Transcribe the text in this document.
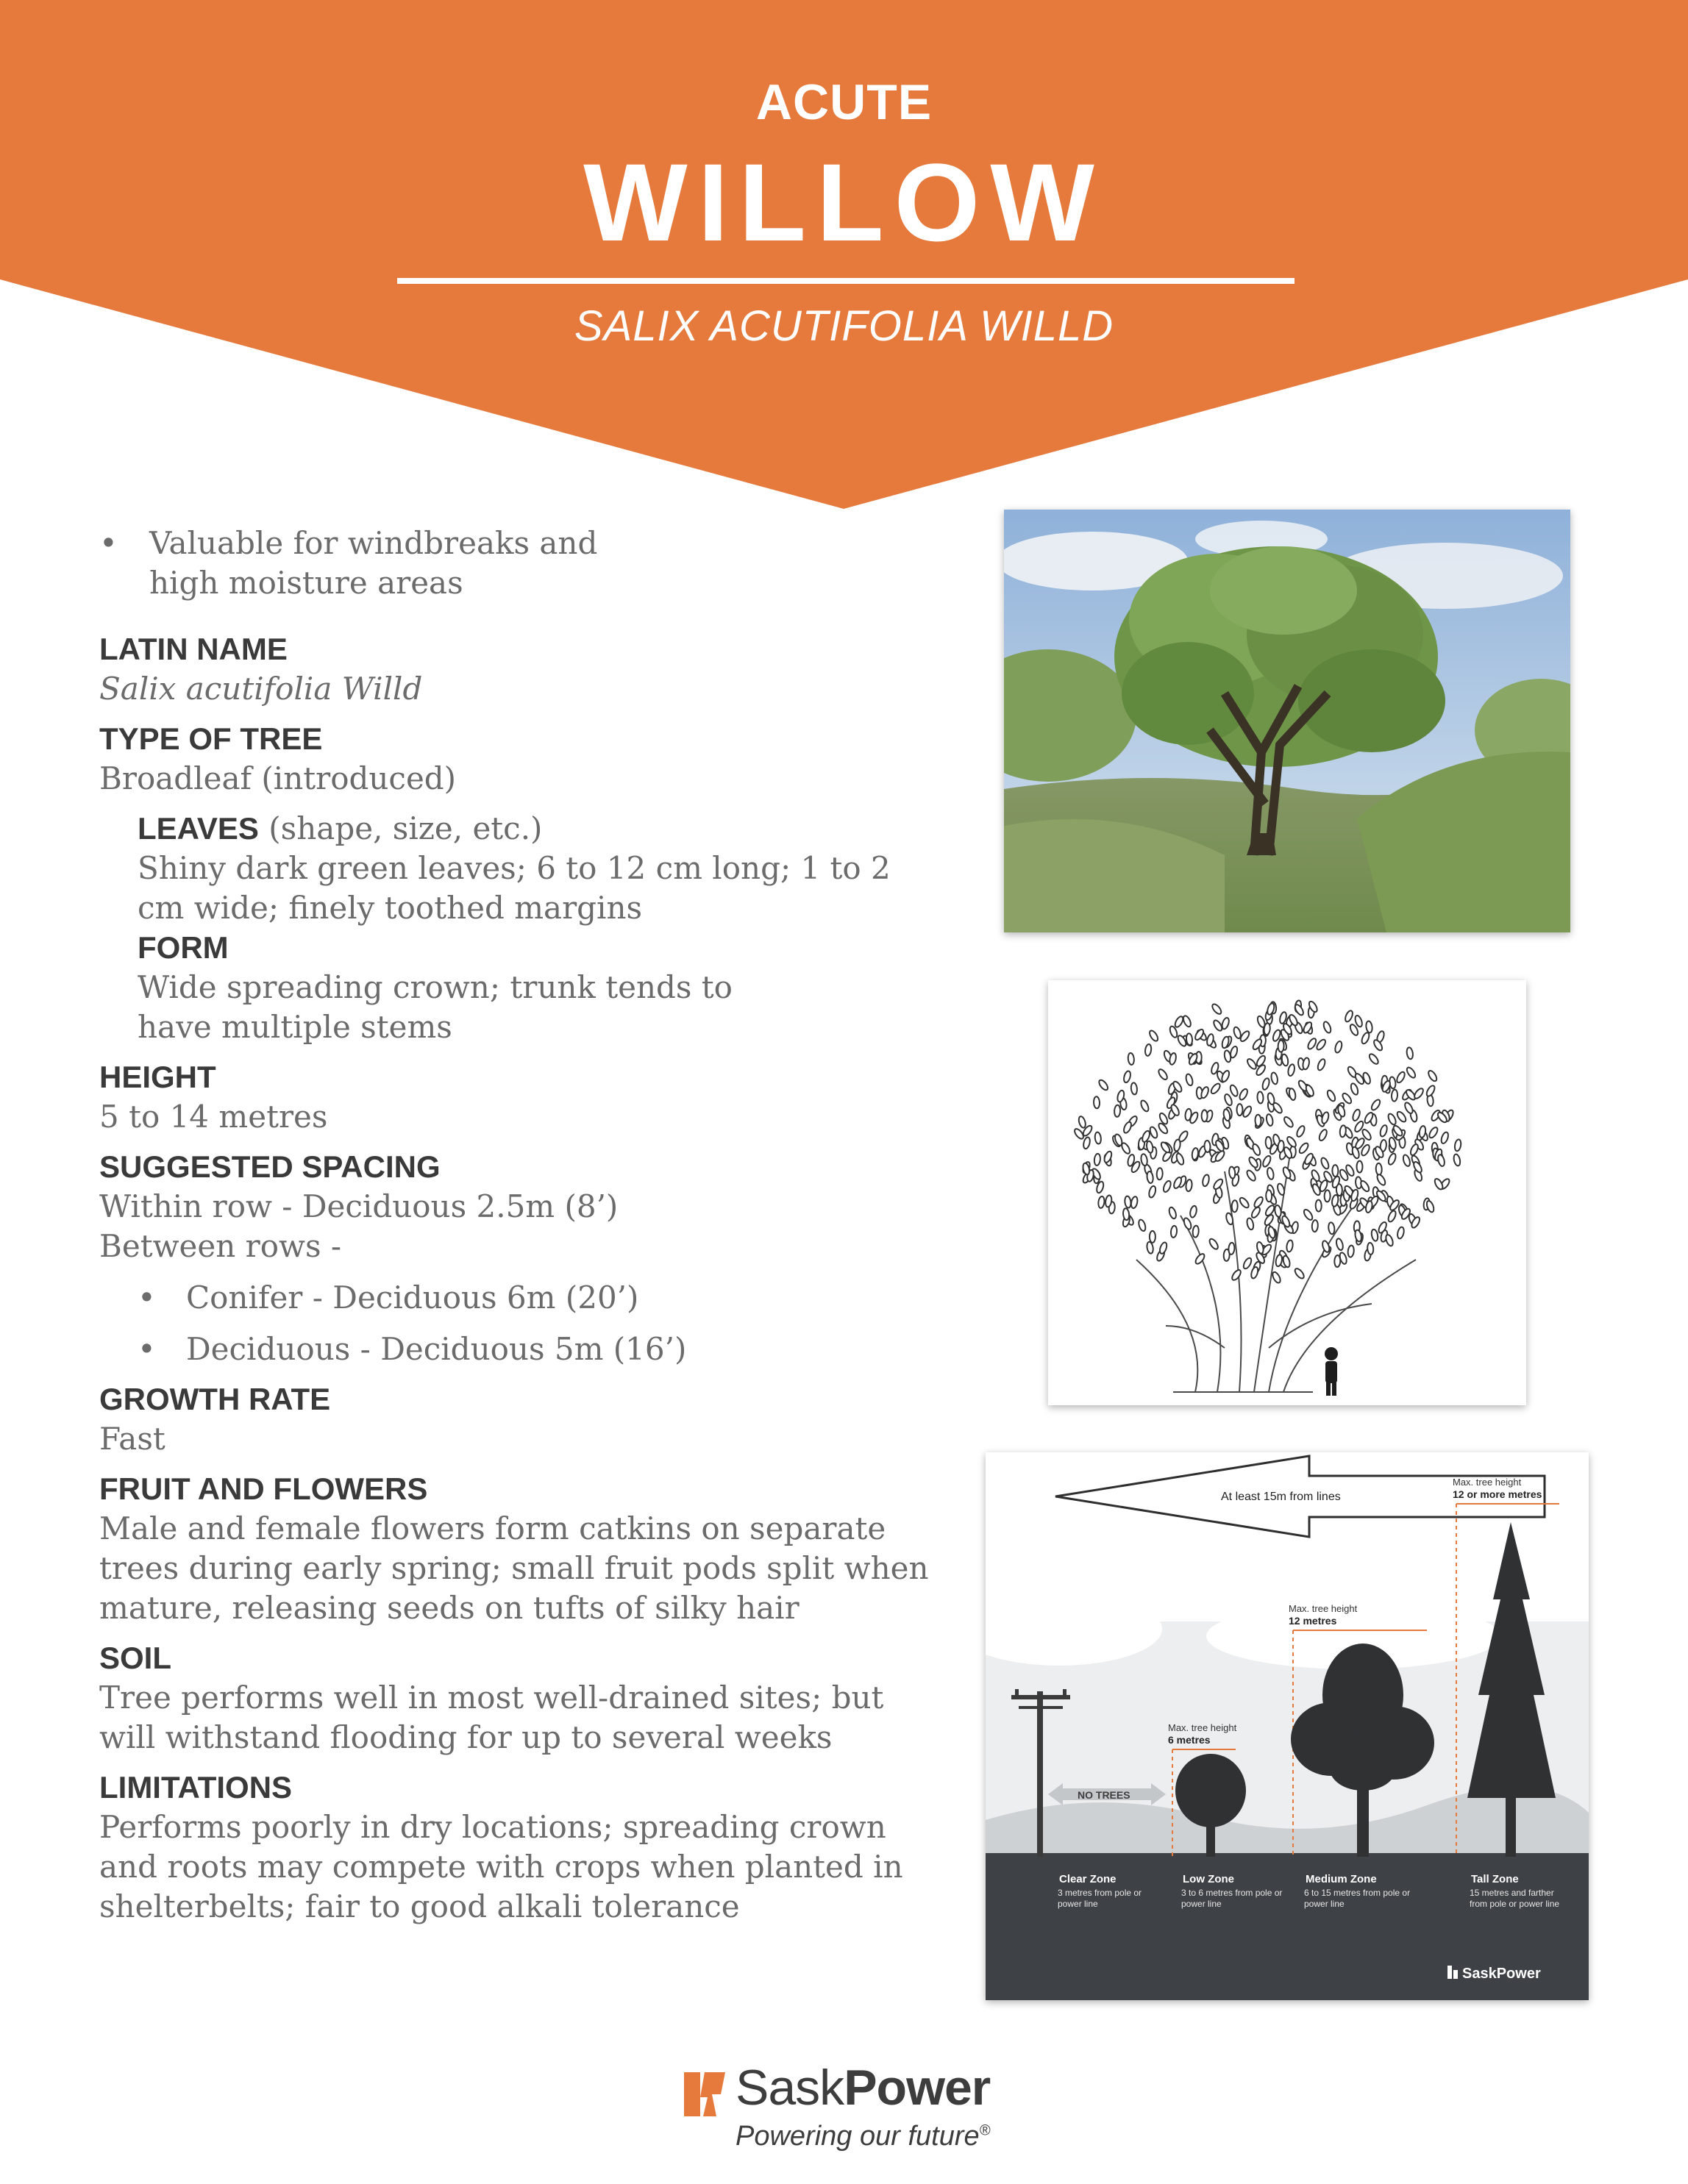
ACUTE
WILLOW
SALIX ACUTIFOLIA WILLD
• Valuable for windbreaks and high moisture areas
LATIN NAME
Salix acutifolia Willd
TYPE OF TREE
Broadleaf (introduced)
LEAVES (shape, size, etc.)
Shiny dark green leaves; 6 to 12 cm long; 1 to 2 cm wide; finely toothed margins
FORM
Wide spreading crown; trunk tends to have multiple stems
HEIGHT
5 to 14 metres
SUGGESTED SPACING
Within row - Deciduous 2.5m (8’)
Between rows -
• Conifer - Deciduous 6m (20’)
• Deciduous - Deciduous 5m (16’)
GROWTH RATE
Fast
FRUIT AND FLOWERS
Male and female flowers form catkins on separate trees during early spring; small fruit pods split when mature, releasing seeds on tufts of silky hair
SOIL
Tree performs well in most well-drained sites; but will withstand flooding for up to several weeks
LIMITATIONS
Performs poorly in dry locations; spreading crown and roots may compete with crops when planted in shelterbelts; fair to good alkali tolerance
At least 15m from lines
Max. tree height
12 or more metres
Max. tree height
12 metres
Max. tree height
6 metres
NO TREES
Clear Zone	Low Zone	Medium Zone	Tall Zone
3 metres from pole or power line
3 to 6 metres from pole or power line
6 to 15 metres from pole or power line
15 metres and farther from pole or power line
SaskPower
SaskPower
Powering our future®
